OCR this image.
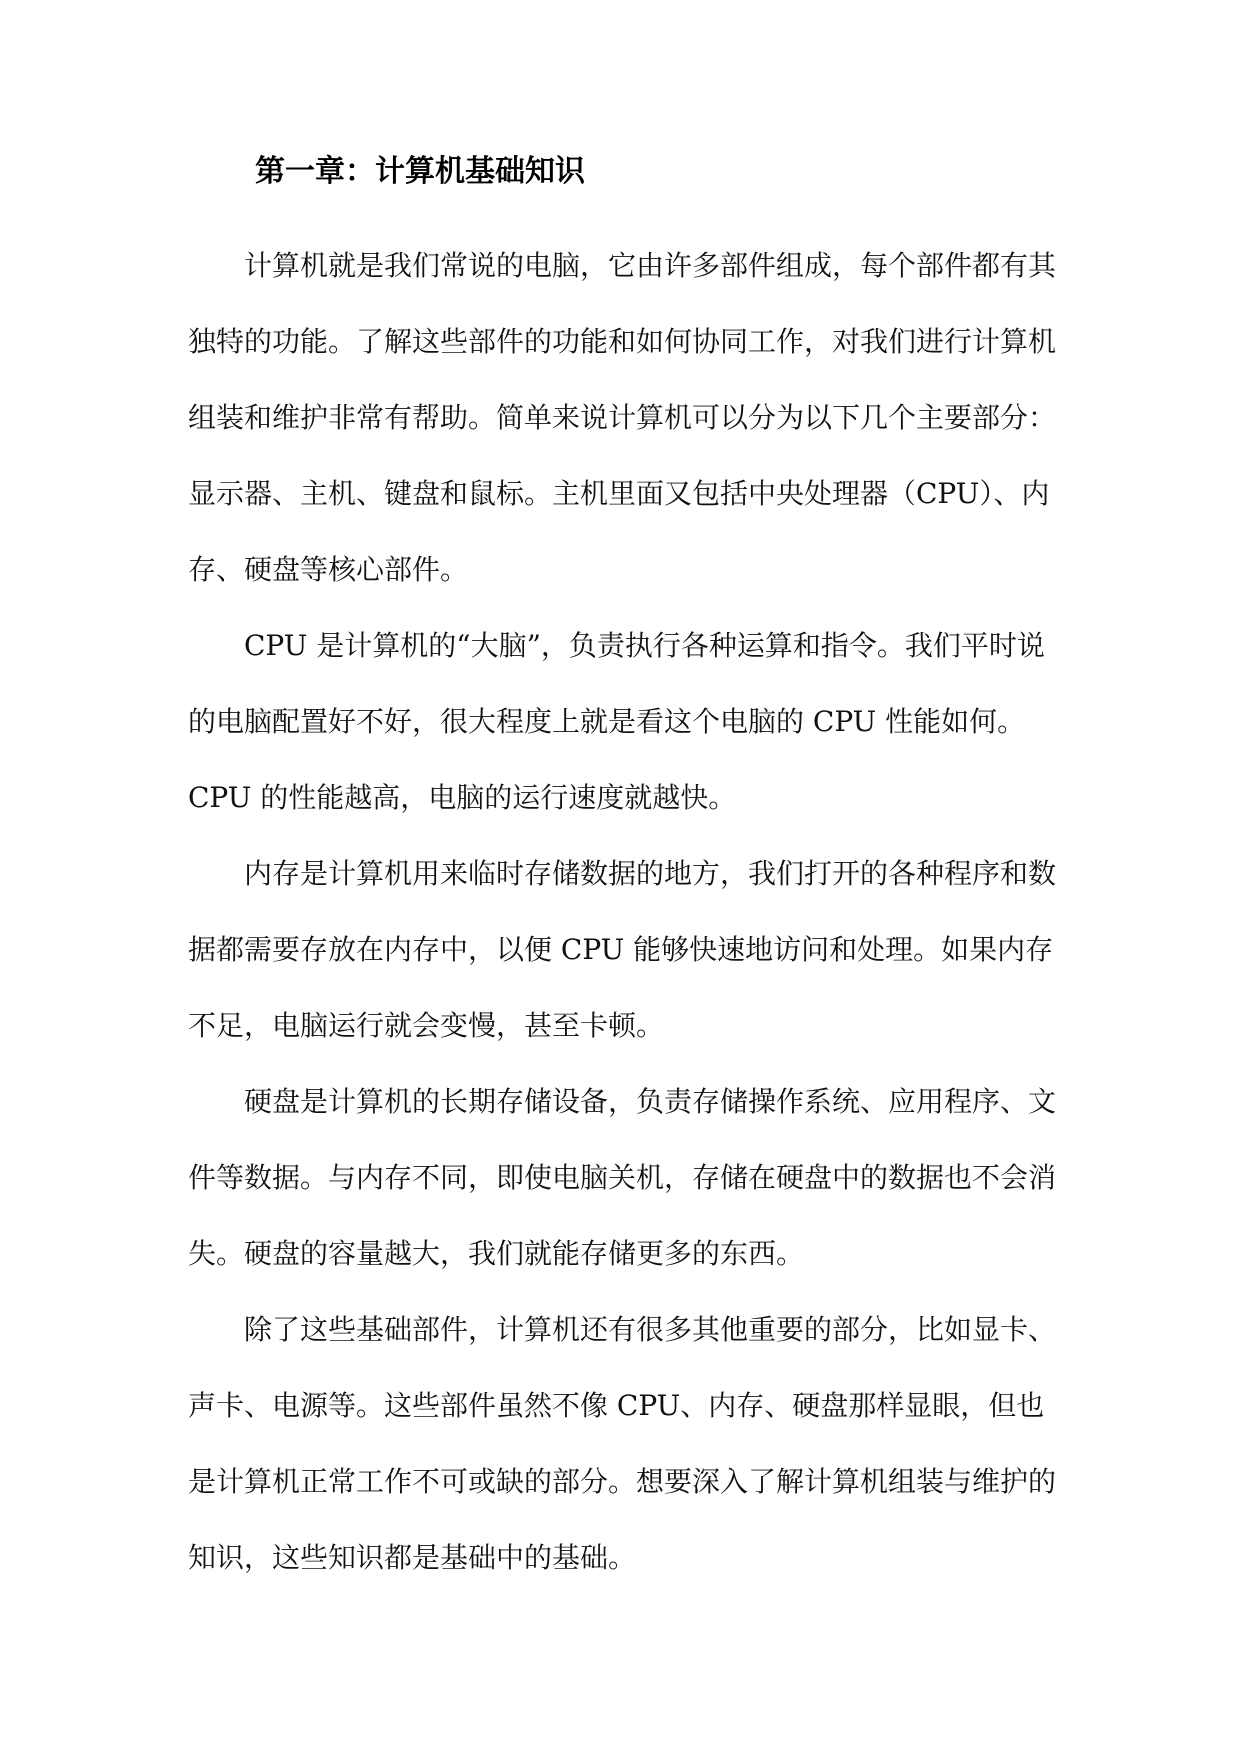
第一章：计算机基础知识

计算机就是我们常说的电脑，它由许多部件组成，每个部件都有其独特的功能。了解这些部件的功能和如何协同工作，对我们进行计算机组装和维护非常有帮助。简单来说计算机可以分为以下几个主要部分：显示器、主机、键盘和鼠标。主机里面又包括中央处理器（CPU）、内存、硬盘等核心部件。

CPU 是计算机的“大脑”，负责执行各种运算和指令。我们平时说的电脑配置好不好，很大程度上就是看这个电脑的 CPU 性能如何。CPU 的性能越高，电脑的运行速度就越快。

内存是计算机用来临时存储数据的地方，我们打开的各种程序和数据都需要存放在内存中，以便 CPU 能够快速地访问和处理。如果内存不足，电脑运行就会变慢，甚至卡顿。

硬盘是计算机的长期存储设备，负责存储操作系统、应用程序、文件等数据。与内存不同，即使电脑关机，存储在硬盘中的数据也不会消失。硬盘的容量越大，我们就能存储更多的东西。

除了这些基础部件，计算机还有很多其他重要的部分，比如显卡、声卡、电源等。这些部件虽然不像 CPU、内存、硬盘那样显眼，但也是计算机正常工作不可或缺的部分。想要深入了解计算机组装与维护的知识，这些知识都是基础中的基础。
